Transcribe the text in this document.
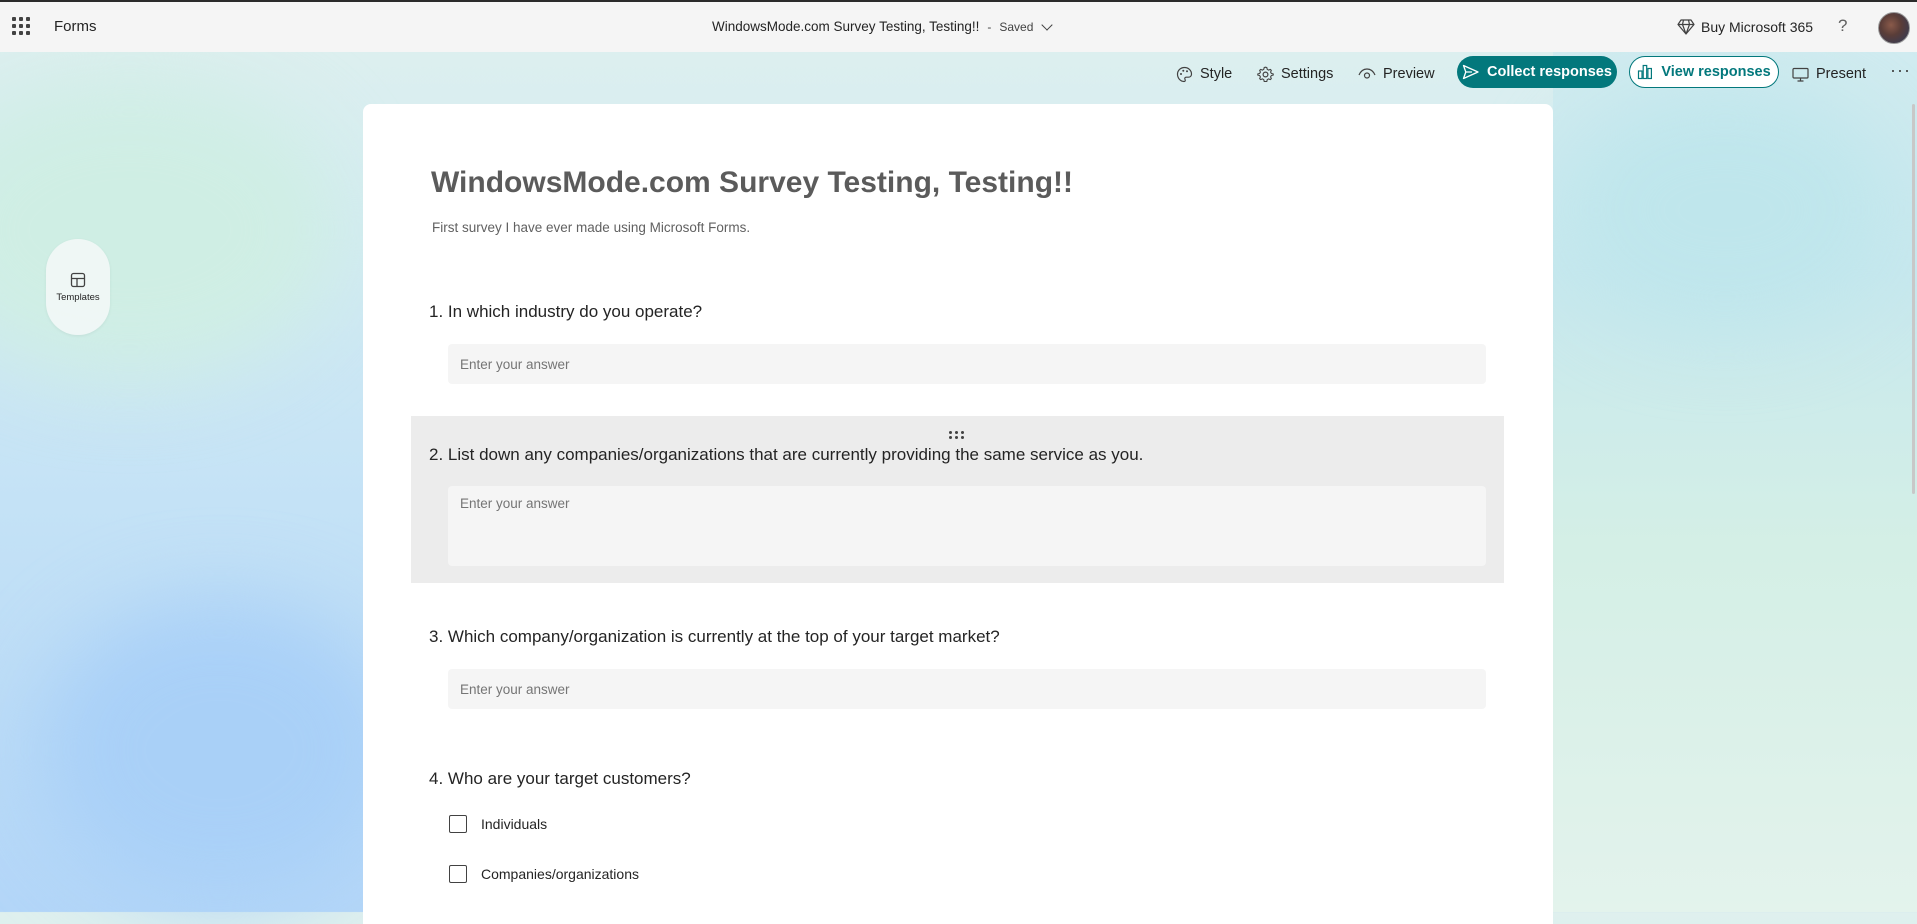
Forms	WindowsMode.com Survey Testing, Testing!! - Saved	Buy Microsoft 365 ?
Style	Settings	Preview	Collect responses	View responses	Present ···
Templates
WindowsMode.com Survey Testing, Testing!!
First survey I have ever made using Microsoft Forms.
1. In which industry do you operate?
Enter your answer
2. List down any companies/organizations that are currently providing the same service as you.
Enter your answer
3. Which company/organization is currently at the top of your target market?
Enter your answer
4. Who are your target customers?
Individuals
Companies/organizations
